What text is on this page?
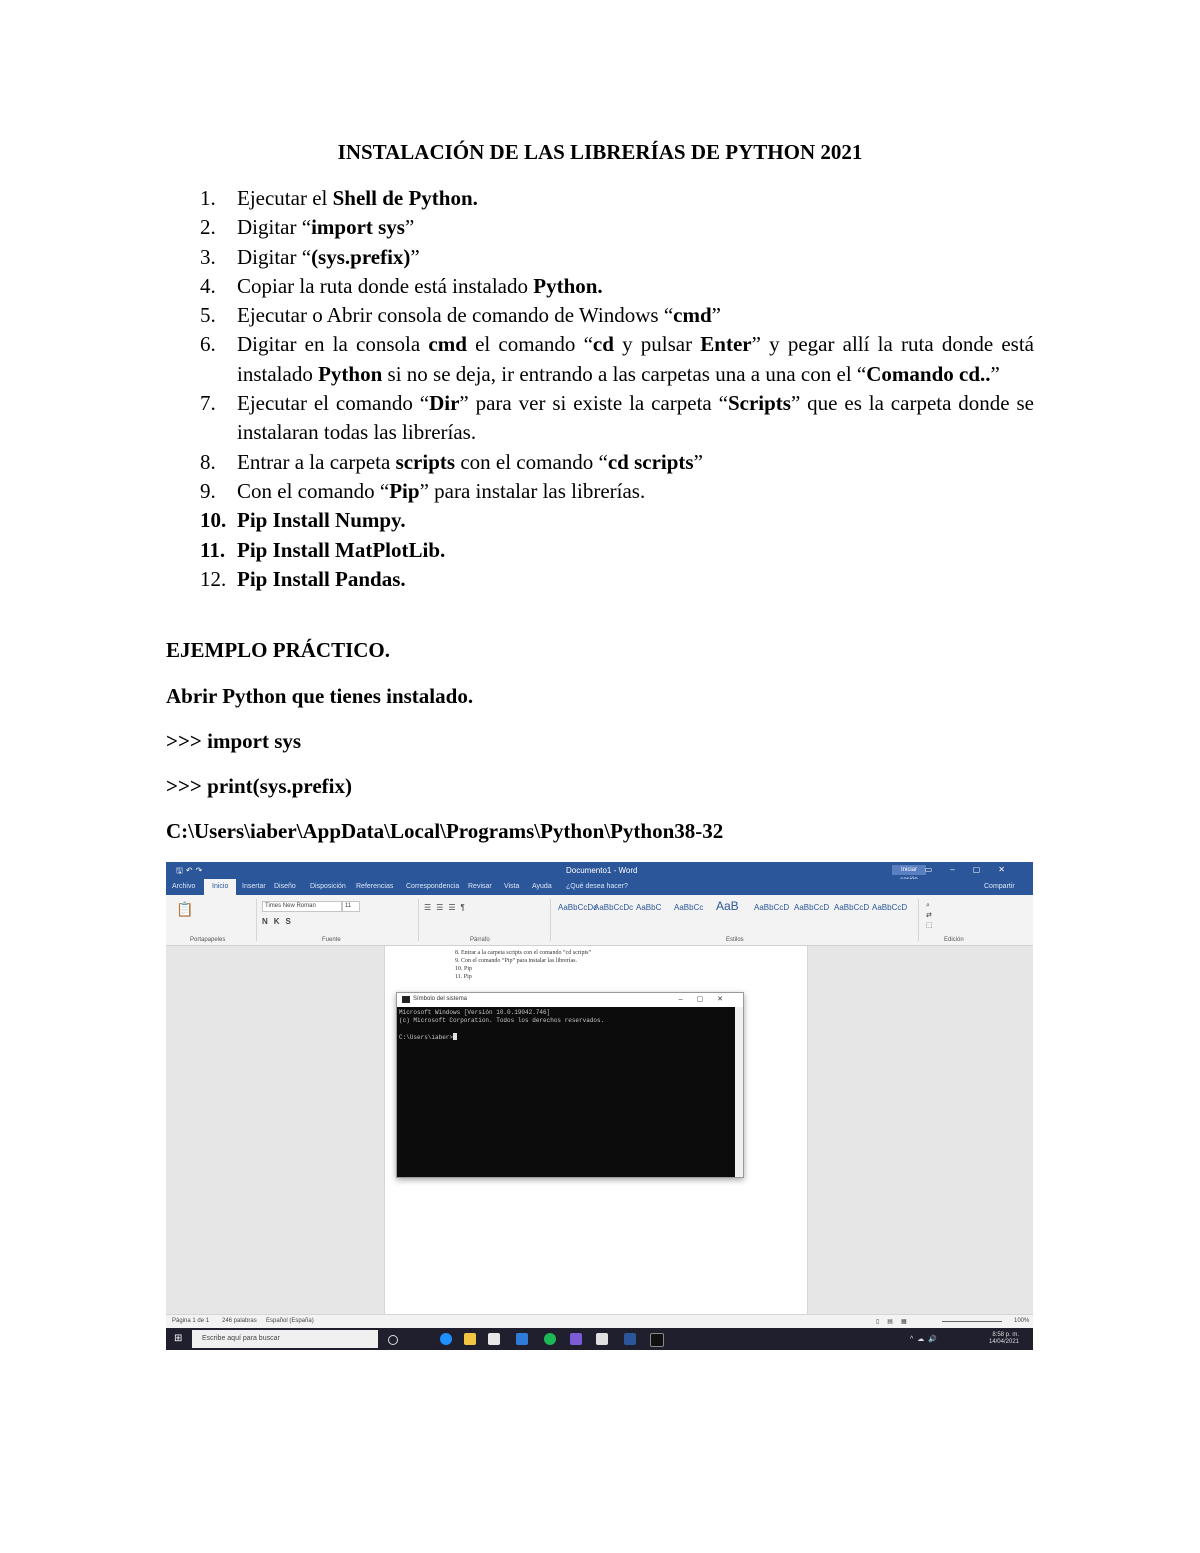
INSTALACIÓN DE LAS LIBRERÍAS DE PYTHON 2021
1. Ejecutar el Shell de Python.
2. Digitar “import sys”
3. Digitar “(sys.prefix)”
4. Copiar la ruta donde está instalado Python.
5. Ejecutar o Abrir consola de comando de Windows “cmd”
6. Digitar en la consola cmd el comando “cd y pulsar Enter” y pegar allí la ruta donde está instalado Python si no se deja, ir entrando a las carpetas una a una con el “Comando cd..”
7. Ejecutar el comando “Dir” para ver si existe la carpeta “Scripts” que es la carpeta donde se instalaran todas las librerías.
8. Entrar a la carpeta scripts con el comando “cd scripts”
9. Con el comando “Pip” para instalar las librerías.
10. Pip Install Numpy.
11. Pip Install MatPlotLib.
12. Pip Install Pandas.
EJEMPLO PRÁCTICO.
Abrir Python que tienes instalado.
>>> import sys
>>> print(sys.prefix)
C:\Users\iaber\AppData\Local\Programs\Python\Python38-32
🖫↶↷	Documento1 - Word	Iniciar ▭–▢✕
Archivo	Inicio	Insertar Diseño Disposición Referencias Correspondencia Revisar Vista Ayuda ¿Qué desea hacer?	Compartir
📋
Portapapeles
Times New Roman	11
NKS
Fuente
☰☰☰¶
Párrafo
AaBbCcDc
AaBbCcDc AaBbC AaBbCc AaB AaBbCcD AaBbCcD AaBbCcD AaBbCcD
Estilos
⌕
⇄
⬚
Edición
8. Entrar a la carpeta scripts con el comando “cd scripts”
9. Con el comando “Pip” para instalar las librerías.
10. Pip
11. Pip
Símbolo del sistema	–▢✕
Microsoft Windows [Versión 10.0.19042.746]
(c) Microsoft Corporation. Todos los derechos reservados.
C:\Users\iaber>
Página 1 de 1 246 palabras Español (España)	▯▤▦	100%
⊞	Escribe aquí para buscar	^☁🔊
8:58 p. m.
14/04/2021
